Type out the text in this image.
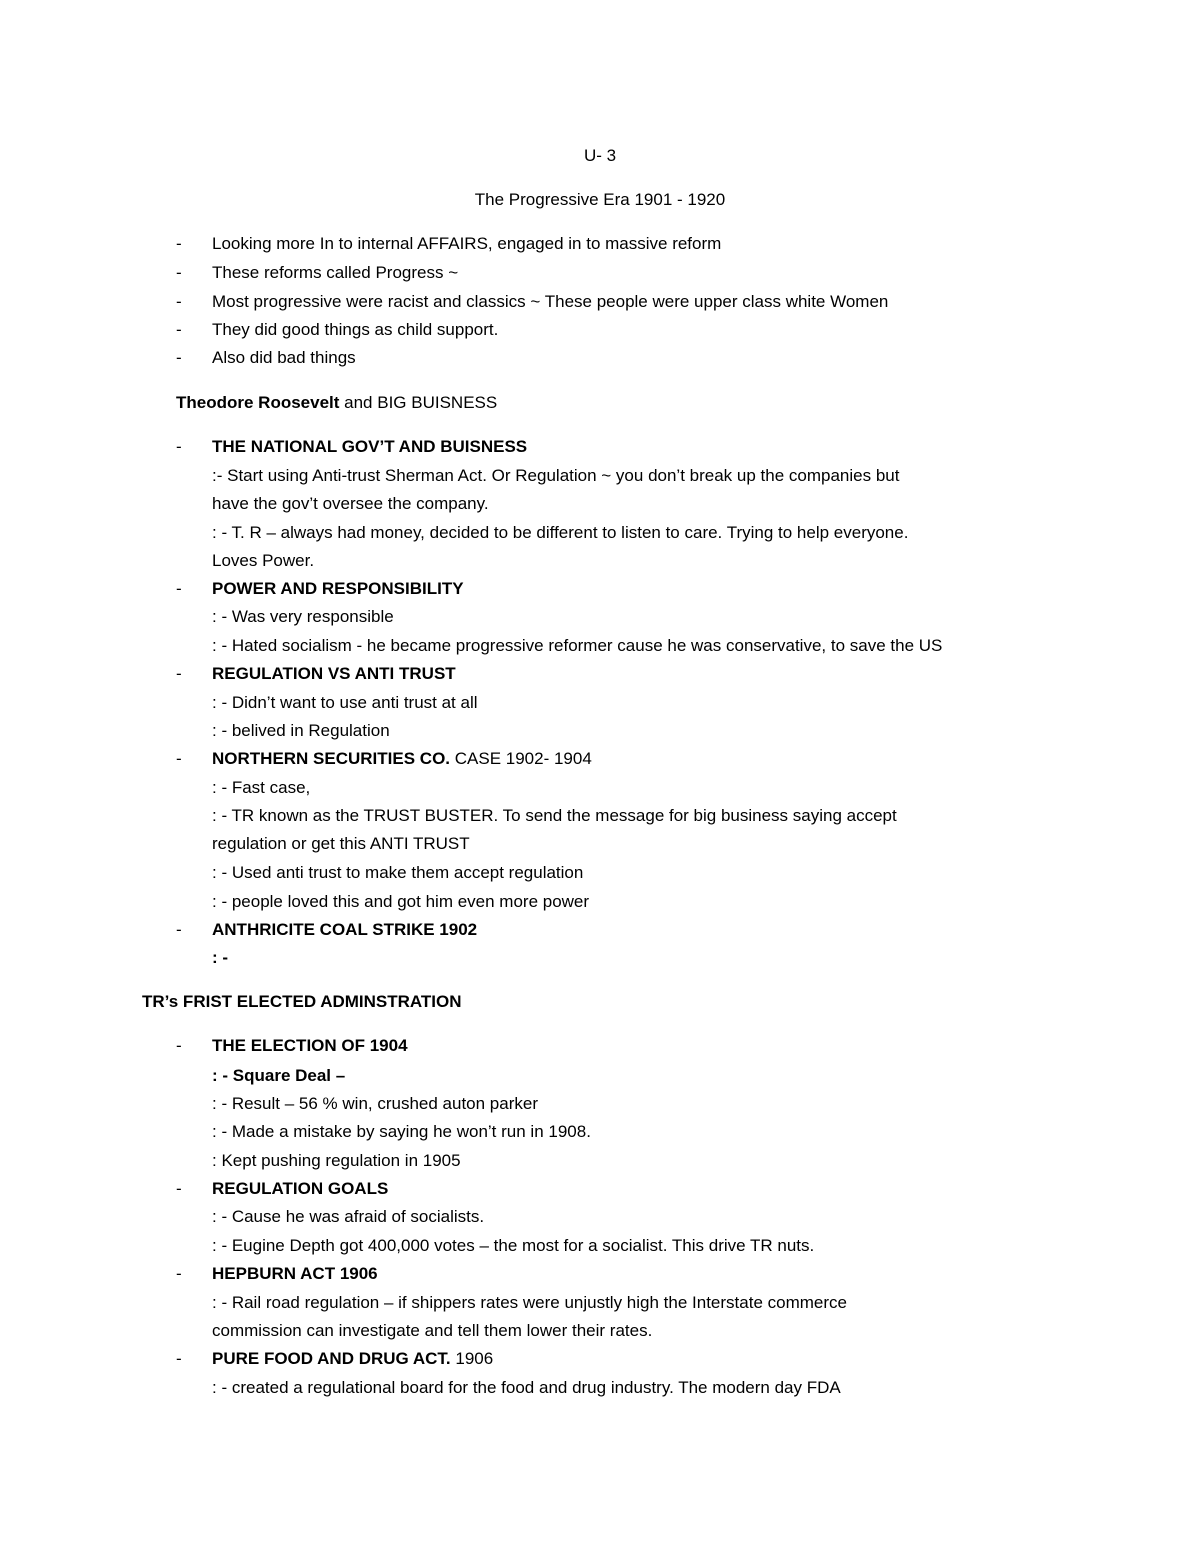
U- 3
The Progressive Era 1901 - 1920
- Looking more In to internal AFFAIRS, engaged in to massive reform
- These reforms called Progress ~
- Most progressive were racist and classics ~ These people were upper class white Women
- They did good things as child support.
- Also did bad things
Theodore Roosevelt and BIG BUISNESS
- THE NATIONAL GOV’T AND BUISNESS
:- Start using Anti-trust Sherman Act. Or Regulation ~ you don’t break up the companies but
have the gov’t oversee the company.
: - T. R – always had money, decided to be different to listen to care. Trying to help everyone.
Loves Power.
- POWER AND RESPONSIBILITY
: - Was very responsible
: - Hated socialism - he became progressive reformer cause he was conservative, to save the US
- REGULATION VS ANTI TRUST
: - Didn’t want to use anti trust at all
: - belived in Regulation
- NORTHERN SECURITIES CO. CASE 1902- 1904
: - Fast case,
: - TR known as the TRUST BUSTER. To send the message for big business saying accept
regulation or get this ANTI TRUST
: - Used anti trust to make them accept regulation
: - people loved this and got him even more power
- ANTHRICITE COAL STRIKE 1902
: -
TR’s FRIST ELECTED ADMINSTRATION
- THE ELECTION OF 1904
: - Square Deal –
: - Result – 56 % win, crushed auton parker
: - Made a mistake by saying he won’t run in 1908.
: Kept pushing regulation in 1905
- REGULATION GOALS
: - Cause he was afraid of socialists.
: - Eugine Depth got 400,000 votes – the most for a socialist. This drive TR nuts.
- HEPBURN ACT 1906
: - Rail road regulation – if shippers rates were unjustly high the Interstate commerce
commission can investigate and tell them lower their rates.
- PURE FOOD AND DRUG ACT. 1906
: - created a regulational board for the food and drug industry. The modern day FDA
